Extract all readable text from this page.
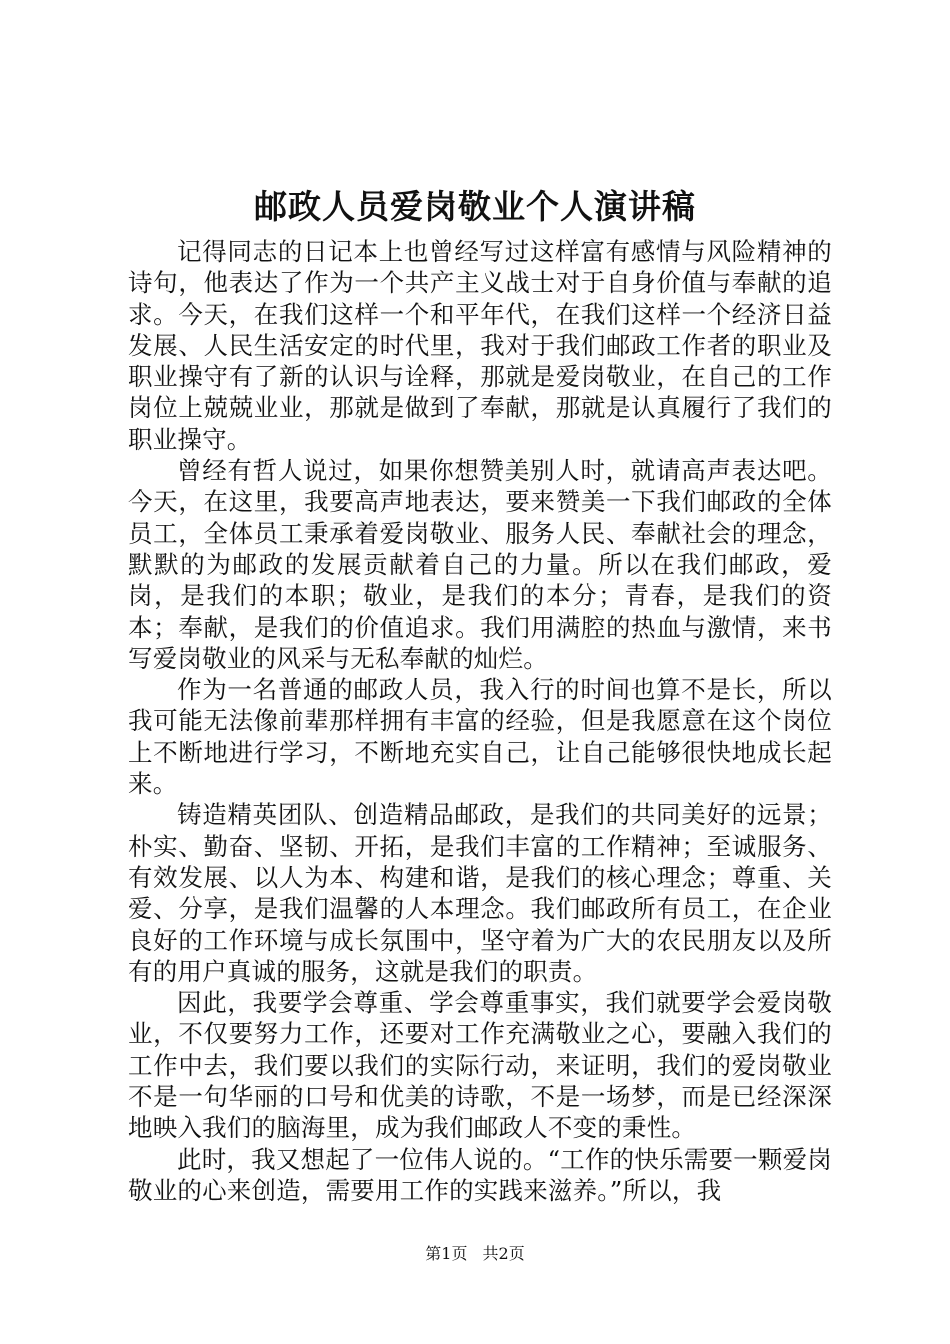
邮政人员爱岗敬业个人演讲稿

记得同志的日记本上也曾经写过这样富有感情与风险精神的诗句，他表达了作为一个共产主义战士对于自身价值与奉献的追求。今天，在我们这样一个和平年代，在我们这样一个经济日益发展、人民生活安定的时代里，我对于我们邮政工作者的职业及职业操守有了新的认识与诠释，那就是爱岗敬业，在自己的工作岗位上兢兢业业，那就是做到了奉献，那就是认真履行了我们的职业操守。

曾经有哲人说过，如果你想赞美别人时，就请高声表达吧。今天，在这里，我要高声地表达，要来赞美一下我们邮政的全体员工，全体员工秉承着爱岗敬业、服务人民、奉献社会的理念，默默的为邮政的发展贡献着自己的力量。所以在我们邮政，爱岗，是我们的本职；敬业，是我们的本分；青春，是我们的资本；奉献，是我们的价值追求。我们用满腔的热血与激情，来书写爱岗敬业的风采与无私奉献的灿烂。

作为一名普通的邮政人员，我入行的时间也算不是长，所以我可能无法像前辈那样拥有丰富的经验，但是我愿意在这个岗位上不断地进行学习，不断地充实自己，让自己能够很快地成长起来。

铸造精英团队、创造精品邮政，是我们的共同美好的远景；朴实、勤奋、坚韧、开拓，是我们丰富的工作精神；至诚服务、有效发展、以人为本、构建和谐，是我们的核心理念；尊重、关爱、分享，是我们温馨的人本理念。我们邮政所有员工，在企业良好的工作环境与成长氛围中，坚守着为广大的农民朋友以及所有的用户真诚的服务，这就是我们的职责。

因此，我要学会尊重、学会尊重事实，我们就要学会爱岗敬业，不仅要努力工作，还要对工作充满敬业之心，要融入我们的工作中去，我们要以我们的实际行动，来证明，我们的爱岗敬业不是一句华丽的口号和优美的诗歌，不是一场梦，而是已经深深地映入我们的脑海里，成为我们邮政人不变的秉性。

此时，我又想起了一位伟人说的。“工作的快乐需要一颗爱岗敬业的心来创造，需要用工作的实践来滋养。”所以，我

第1页 共2页
